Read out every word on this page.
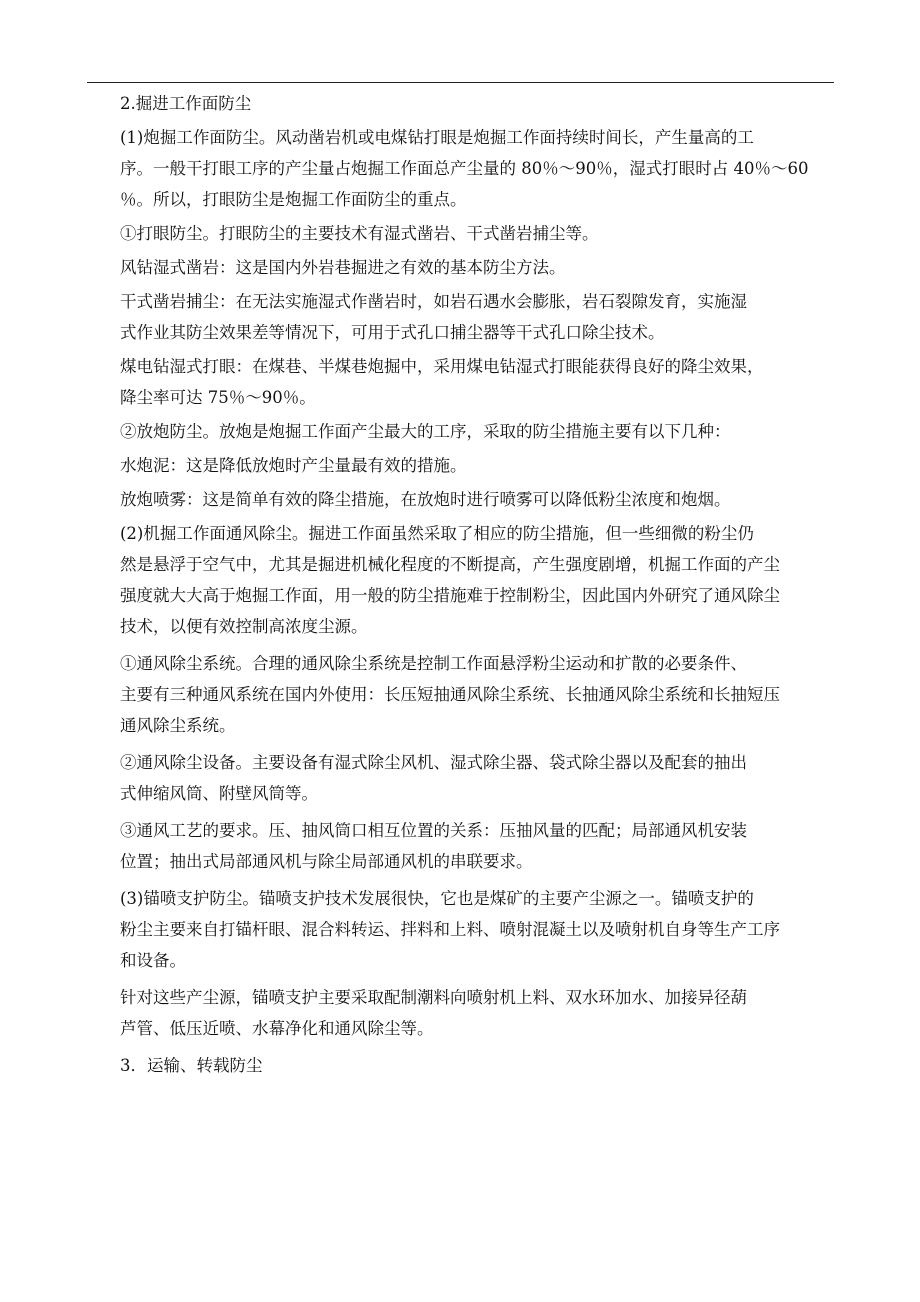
2.掘进工作面防尘

(1)炮掘工作面防尘。风动凿岩机或电煤钻打眼是炮掘工作面持续时间长，产生量高的工
序。一般干打眼工序的产尘量占炮掘工作面总产尘量的 80％～90％，湿式打眼时占 40％～60
％。所以，打眼防尘是炮掘工作面防尘的重点。

①打眼防尘。打眼防尘的主要技术有湿式凿岩、干式凿岩捕尘等。

风钻湿式凿岩：这是国内外岩巷掘进之有效的基本防尘方法。

干式凿岩捕尘：在无法实施湿式作凿岩时，如岩石遇水会膨胀，岩石裂隙发育，实施湿
式作业其防尘效果差等情况下，可用于式孔口捕尘器等干式孔口除尘技术。

煤电钻湿式打眼：在煤巷、半煤巷炮掘中，采用煤电钻湿式打眼能获得良好的降尘效果，
降尘率可达 75％～90％。

②放炮防尘。放炮是炮掘工作面产尘最大的工序，采取的防尘措施主要有以下几种：

水炮泥：这是降低放炮时产尘量最有效的措施。

放炮喷雾：这是简单有效的降尘措施，在放炮时进行喷雾可以降低粉尘浓度和炮烟。

(2)机掘工作面通风除尘。掘进工作面虽然采取了相应的防尘措施，但一些细微的粉尘仍
然是悬浮于空气中，尤其是掘进机械化程度的不断提高，产生强度剧增，机掘工作面的产尘
强度就大大高于炮掘工作面，用一般的防尘措施难于控制粉尘，因此国内外研究了通风除尘
技术，以便有效控制高浓度尘源。

①通风除尘系统。合理的通风除尘系统是控制工作面悬浮粉尘运动和扩散的必要条件、
主要有三种通风系统在国内外使用：长压短抽通风除尘系统、长抽通风除尘系统和长抽短压
通风除尘系统。

②通风除尘设备。主要设备有湿式除尘风机、湿式除尘器、袋式除尘器以及配套的抽出
式伸缩风筒、附壁风筒等。

③通风工艺的要求。压、抽风筒口相互位置的关系：压抽风量的匹配；局部通风机安装
位置；抽出式局部通风机与除尘局部通风机的串联要求。

(3)锚喷支护防尘。锚喷支护技术发展很快，它也是煤矿的主要产尘源之一。锚喷支护的
粉尘主要来自打锚杆眼、混合料转运、拌料和上料、喷射混凝土以及喷射机自身等生产工序
和设备。

针对这些产尘源，锚喷支护主要采取配制潮料向喷射机上料、双水环加水、加接异径葫
芦管、低压近喷、水幕净化和通风除尘等。

3．运输、转载防尘
